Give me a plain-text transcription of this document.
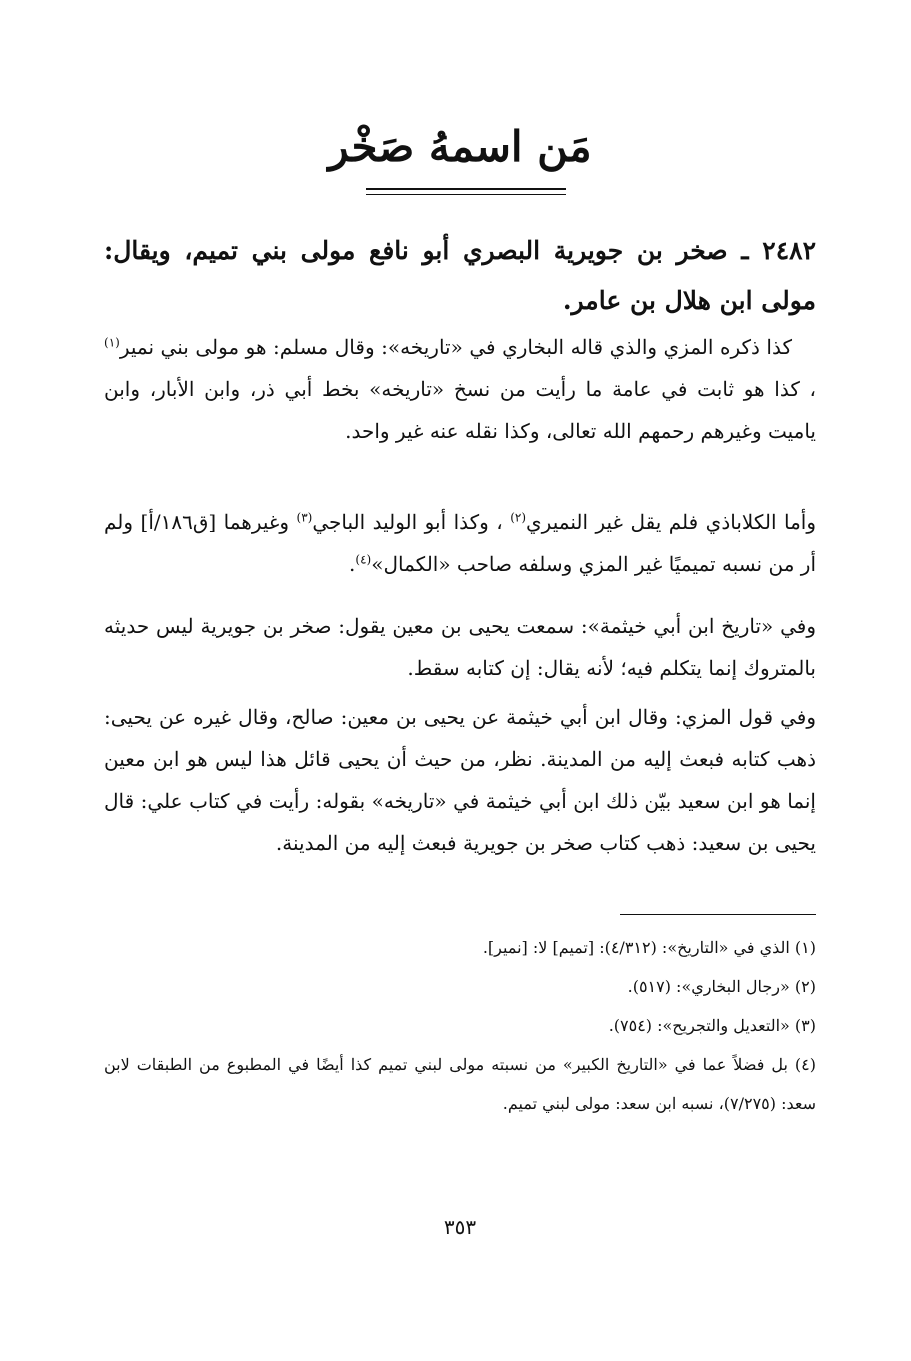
مَن اسمهُ صَخْر
٢٤٨٢ ـ صخر بن جويرية البصري أبو نافع مولى بني تميم، ويقال: مولى ابن هلال بن عامر.

كذا ذكره المزي والذي قاله البخاري في «تاريخه»: وقال مسلم: هو مولى بني نمير$^{(١)}$ ، كذا هو ثابت في عامة ما رأيت من نسخ «تاريخه» بخط أبي ذر، وابن الأبار، وابن ياميت وغيرهم رحمهم الله تعالى، وكذا نقله عنه غير واحد.

وأما الكلاباذي فلم يقل غير النميري$^{(٢)}$ ، وكذا أبو الوليد الباجي$^{(٣)}$ وغيرهما [ق١٨٦/أ] ولم أر من نسبه تميميًا غير المزي وسلفه صاحب «الكمال»$^{(٤)}$.

وفي «تاريخ ابن أبي خيثمة»: سمعت يحيى بن معين يقول: صخر بن جويرية ليس حديثه بالمتروك إنما يتكلم فيه؛ لأنه يقال: إن كتابه سقط.

وفي قول المزي: وقال ابن أبي خيثمة عن يحيى بن معين: صالح، وقال غيره عن يحيى: ذهب كتابه فبعث إليه من المدينة. نظر، من حيث أن يحيى قائل هذا ليس هو ابن معين إنما هو ابن سعيد بيّن ذلك ابن أبي خيثمة في «تاريخه» بقوله: رأيت في كتاب علي: قال يحيى بن سعيد: ذهب كتاب صخر بن جويرية فبعث إليه من المدينة.

(١) الذي في «التاريخ»: (٤/٣١٢): [تميم] لا: [نمير].
(٢) «رجال البخاري»: (٥١٧).
(٣) «التعديل والتجريح»: (٧٥٤).
(٤) بل فضلاً عما في «التاريخ الكبير» من نسبته مولى لبني تميم كذا أيضًا في المطبوع من الطبقات لابن سعد: (٧/٢٧٥)، نسبه ابن سعد: مولى لبني تميم.
٣٥٣
